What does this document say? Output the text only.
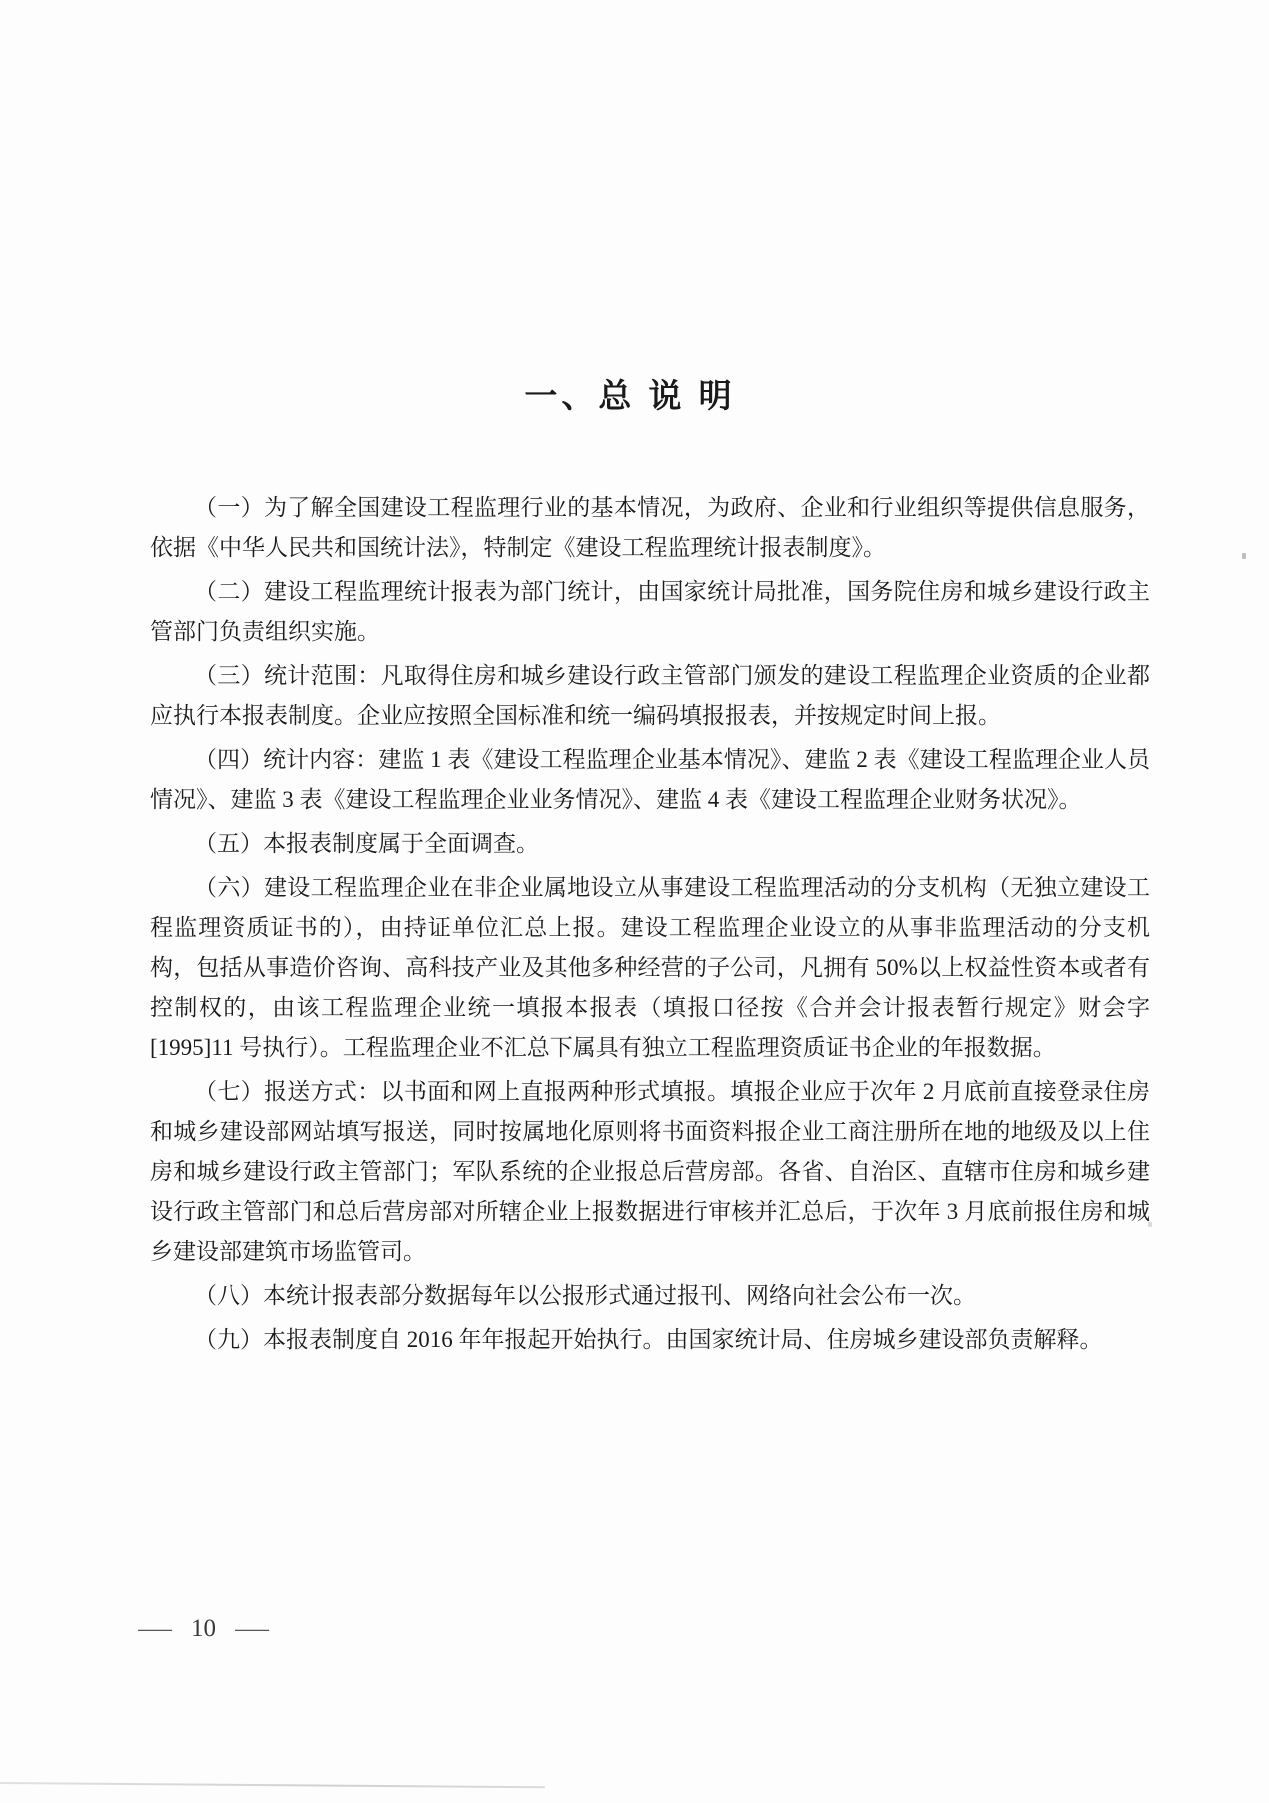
一、总 说 明

（一）为了解全国建设工程监理行业的基本情况，为政府、企业和行业组织等提供信息服务，依据《中华人民共和国统计法》，特制定《建设工程监理统计报表制度》。

（二）建设工程监理统计报表为部门统计，由国家统计局批准，国务院住房和城乡建设行政主管部门负责组织实施。

（三）统计范围：凡取得住房和城乡建设行政主管部门颁发的建设工程监理企业资质的企业都应执行本报表制度。企业应按照全国标准和统一编码填报报表，并按规定时间上报。

（四）统计内容：建监 1 表《建设工程监理企业基本情况》、建监 2 表《建设工程监理企业人员情况》、建监 3 表《建设工程监理企业业务情况》、建监 4 表《建设工程监理企业财务状况》。

（五）本报表制度属于全面调查。

（六）建设工程监理企业在非企业属地设立从事建设工程监理活动的分支机构（无独立建设工程监理资质证书的），由持证单位汇总上报。建设工程监理企业设立的从事非监理活动的分支机构，包括从事造价咨询、高科技产业及其他多种经营的子公司，凡拥有 50%以上权益性资本或者有控制权的，由该工程监理企业统一填报本报表（填报口径按《合并会计报表暂行规定》财会字[1995]11 号执行）。工程监理企业不汇总下属具有独立工程监理资质证书企业的年报数据。

（七）报送方式：以书面和网上直报两种形式填报。填报企业应于次年 2 月底前直接登录住房和城乡建设部网站填写报送，同时按属地化原则将书面资料报企业工商注册所在地的地级及以上住房和城乡建设行政主管部门；军队系统的企业报总后营房部。各省、自治区、直辖市住房和城乡建设行政主管部门和总后营房部对所辖企业上报数据进行审核并汇总后，于次年 3 月底前报住房和城乡建设部建筑市场监管司。

（八）本统计报表部分数据每年以公报形式通过报刊、网络向社会公布一次。

（九）本报表制度自 2016 年年报起开始执行。由国家统计局、住房城乡建设部负责解释。

— 10 —
